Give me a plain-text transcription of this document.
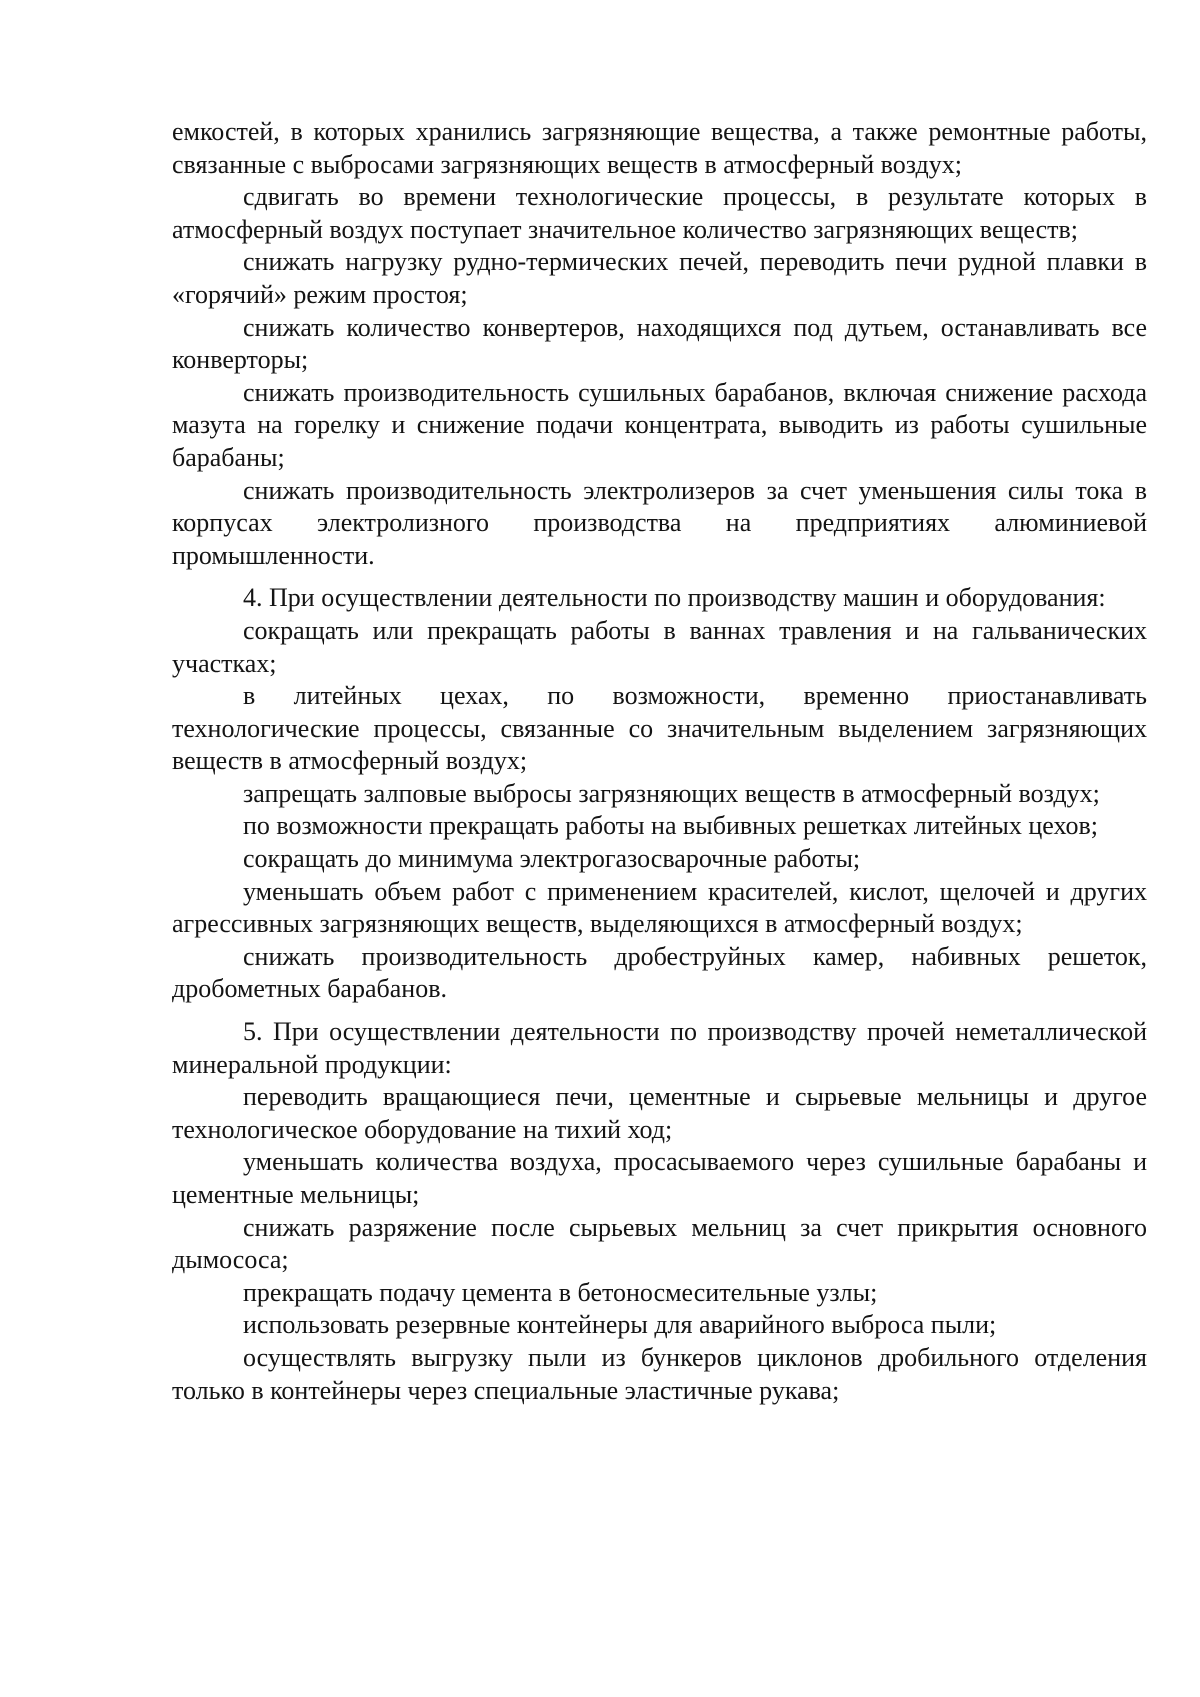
емкостей, в которых хранились загрязняющие вещества, а также ремонтные работы, связанные с выбросами загрязняющих веществ в атмосферный воздух;

сдвигать во времени технологические процессы, в результате которых в атмосферный воздух поступает значительное количество загрязняющих веществ;

снижать нагрузку рудно-термических печей, переводить печи рудной плавки в «горячий» режим простоя;

снижать количество конвертеров, находящихся под дутьем, останавливать все конверторы;

снижать производительность сушильных барабанов, включая снижение расхода мазута на горелку и снижение подачи концентрата, выводить из работы сушильные барабаны;

снижать производительность электролизеров за счет уменьшения силы тока в корпусах электролизного производства на предприятиях алюминиевой промышленности.

4. При осуществлении деятельности по производству машин и оборудования:

сокращать или прекращать работы в ваннах травления и на гальванических участках;

в литейных цехах, по возможности, временно приостанавливать технологические процессы, связанные со значительным выделением загрязняющих веществ в атмосферный воздух;

запрещать залповые выбросы загрязняющих веществ в атмосферный воздух;

по возможности прекращать работы на выбивных решетках литейных цехов;

сокращать до минимума электрогазосварочные работы;

уменьшать объем работ с применением красителей, кислот, щелочей и других агрессивных загрязняющих веществ, выделяющихся в атмосферный воздух;

снижать производительность дробеструйных камер, набивных решеток, дробометных барабанов.

5. При осуществлении деятельности по производству прочей неметаллической минеральной продукции:

переводить вращающиеся печи, цементные и сырьевые мельницы и другое технологическое оборудование на тихий ход;

уменьшать количества воздуха, просасываемого через сушильные барабаны и цементные мельницы;

снижать разряжение после сырьевых мельниц за счет прикрытия основного дымососа;

прекращать подачу цемента в бетоносмесительные узлы;

использовать резервные контейнеры для аварийного выброса пыли;

осуществлять выгрузку пыли из бункеров циклонов дробильного отделения только в контейнеры через специальные эластичные рукава;
